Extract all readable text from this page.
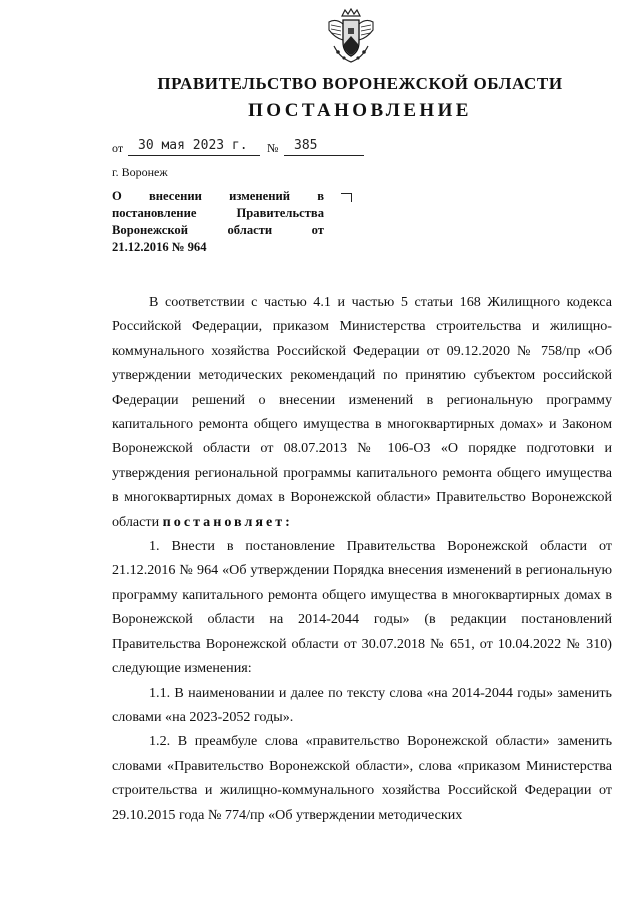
ПРАВИТЕЛЬСТВО ВОРОНЕЖСКОЙ ОБЛАСТИ
ПОСТАНОВЛЕНИЕ
от 30 мая 2023 г. № 385
г. Воронеж
О внесении изменений в
постановление Правительства
Воронежской области от

21.12.2016 № 964

В соответствии с частью 4.1 и частью 5 статьи 168 Жилищного кодекса Российской Федерации, приказом Министерства строительства и жилищно-коммунального хозяйства Российской Федерации от 09.12.2020 № 758/пр «Об утверждении методических рекомендаций по принятию субъектом российской Федерации решений о внесении изменений в региональную программу капитального ремонта общего имущества в многоквартирных домах» и Законом Воронежской области от 08.07.2013 № 106-ОЗ «О порядке подготовки и утверждения региональной программы капитального ремонта общего имущества в многоквартирных домах в Воронежской области» Правительство Воронежской области постановляет:

1. Внести в постановление Правительства Воронежской области от 21.12.2016 № 964 «Об утверждении Порядка внесения изменений в региональную программу капитального ремонта общего имущества в многоквартирных домах в Воронежской области на 2014-2044 годы» (в редакции постановлений Правительства Воронежской области от 30.07.2018 № 651, от 10.04.2022 № 310) следующие изменения:

1.1. В наименовании и далее по тексту слова «на 2014-2044 годы» заменить словами «на 2023-2052 годы».

1.2. В преамбуле слова «правительство Воронежской области» заменить словами «Правительство Воронежской области», слова «приказом Министерства строительства и жилищно-коммунального хозяйства Российской Федерации от 29.10.2015 года № 774/пр «Об утверждении методических
